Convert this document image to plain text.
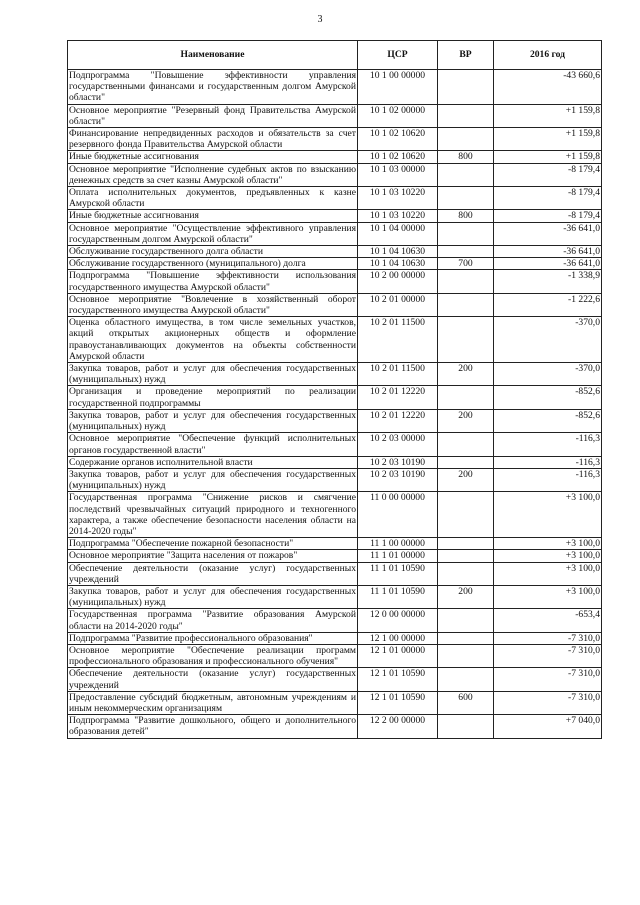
3
Наименование	ЦСР	ВР	2016 год
Подпрограмма "Повышение эффективности управления государственными финансами и государственным долгом Амурской области"	10 1 00 00000		-43 660,6
Основное мероприятие "Резервный фонд Правительства Амурской области"	10 1 02 00000		+1 159,8
Финансирование непредвиденных расходов и обязательств за счет резервного фонда Правительства Амурской области	10 1 02 10620		+1 159,8
Иные бюджетные ассигнования	10 1 02 10620	800	+1 159,8
Основное мероприятие "Исполнение судебных актов по взысканию денежных средств за счет казны Амурской области"	10 1 03 00000		-8 179,4
Оплата исполнительных документов, предъявленных к казне Амурской области	10 1 03 10220		-8 179,4
Иные бюджетные ассигнования	10 1 03 10220	800	-8 179,4
Основное мероприятие "Осуществление эффективного управления государственным долгом Амурской области"	10 1 04 00000		-36 641,0
Обслуживание государственного долга области	10 1 04 10630		-36 641,0
Обслуживание государственного (муниципального) долга	10 1 04 10630	700	-36 641,0
Подпрограмма "Повышение эффективности использования государственного имущества Амурской области"	10 2 00 00000		-1 338,9
Основное мероприятие "Вовлечение в хозяйственный оборот государственного имущества Амурской области"	10 2 01 00000		-1 222,6
Оценка областного имущества, в том числе земельных участков, акций открытых акционерных обществ и оформление правоустанавливающих документов на объекты собственности Амурской области	10 2 01 11500		-370,0
Закупка товаров, работ и услуг для обеспечения государственных (муниципальных) нужд	10 2 01 11500	200	-370,0
Организация и проведение мероприятий по реализации государственной подпрограммы	10 2 01 12220		-852,6
Закупка товаров, работ и услуг для обеспечения государственных (муниципальных) нужд	10 2 01 12220	200	-852,6
Основное мероприятие "Обеспечение функций исполнительных органов государственной власти"	10 2 03 00000		-116,3
Содержание органов исполнительной власти	10 2 03 10190		-116,3
Закупка товаров, работ и услуг для обеспечения государственных (муниципальных) нужд	10 2 03 10190	200	-116,3
Государственная программа "Снижение рисков и смягчение последствий чрезвычайных ситуаций природного и техногенного характера, а также обеспечение безопасности населения области на 2014-2020 годы"	11 0 00 00000		+3 100,0
Подпрограмма "Обеспечение пожарной безопасности"	11 1 00 00000		+3 100,0
Основное мероприятие "Защита населения от пожаров"	11 1 01 00000		+3 100,0
Обеспечение деятельности (оказание услуг) государственных учреждений	11 1 01 10590		+3 100,0
Закупка товаров, работ и услуг для обеспечения государственных (муниципальных) нужд	11 1 01 10590	200	+3 100,0
Государственная программа "Развитие образования Амурской области на 2014-2020 годы"	12 0 00 00000		-653,4
Подпрограмма "Развитие профессионального образования"	12 1 00 00000		-7 310,0
Основное мероприятие "Обеспечение реализации программ профессионального образования и профессионального обучения"	12 1 01 00000		-7 310,0
Обеспечение деятельности (оказание услуг) государственных учреждений	12 1 01 10590		-7 310,0
Предоставление субсидий бюджетным, автономным учреждениям и иным некоммерческим организациям	12 1 01 10590	600	-7 310,0
Подпрограмма "Развитие дошкольного, общего и дополнительного образования детей"	12 2 00 00000		+7 040,0
